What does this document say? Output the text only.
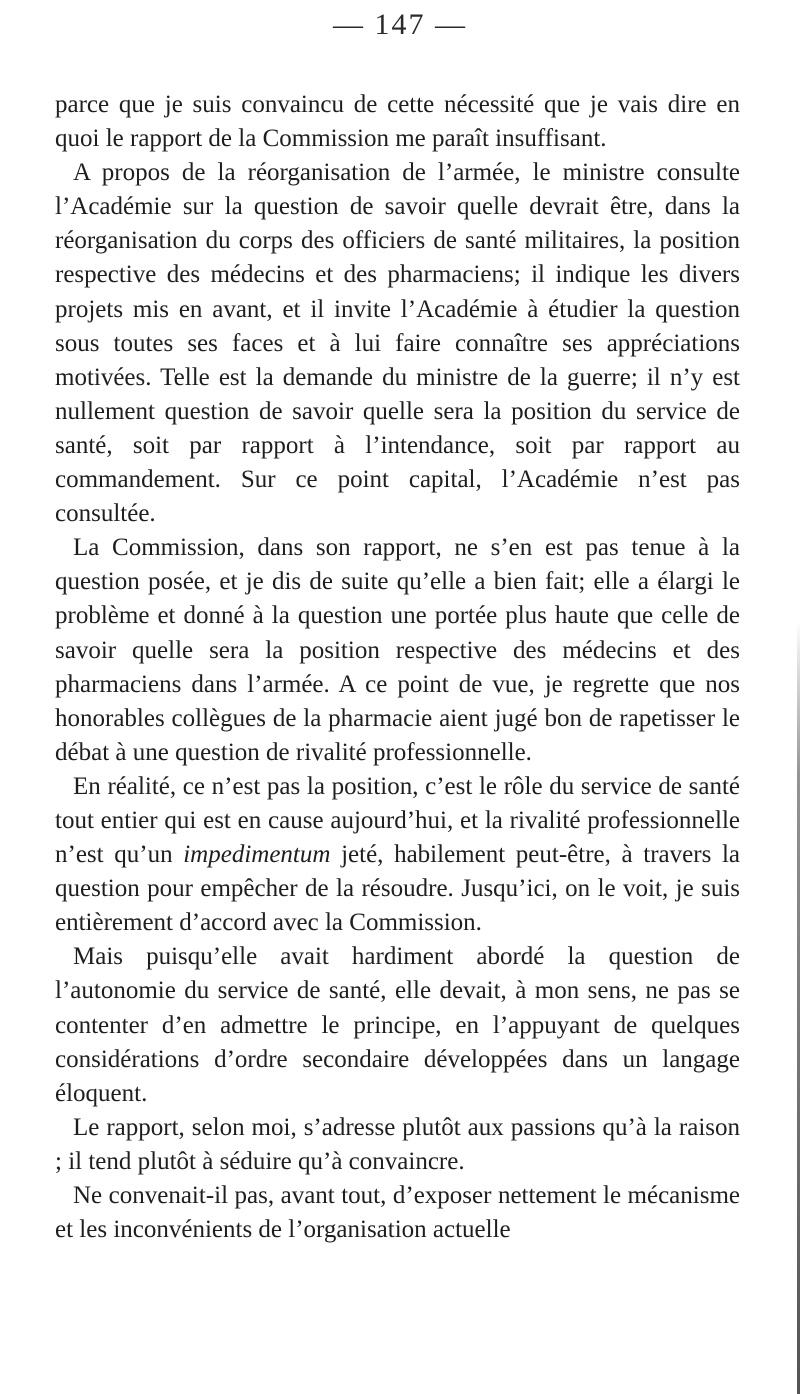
— 147 —

parce que je suis convaincu de cette nécessité que je vais dire en quoi le rapport de la Commission me paraît insuffisant.

A propos de la réorganisation de l’armée, le ministre consulte l’Académie sur la question de savoir quelle devrait être, dans la réorganisation du corps des officiers de santé militaires, la position respective des médecins et des pharmaciens; il indique les divers projets mis en avant, et il invite l’Académie à étudier la question sous toutes ses faces et à lui faire connaître ses appréciations motivées. Telle est la demande du ministre de la guerre; il n’y est nullement question de savoir quelle sera la position du service de santé, soit par rapport à l’intendance, soit par rapport au commandement. Sur ce point capital, l’Académie n’est pas consultée.

La Commission, dans son rapport, ne s’en est pas tenue à la question posée, et je dis de suite qu’elle a bien fait; elle a élargi le problème et donné à la question une portée plus haute que celle de savoir quelle sera la position respective des médecins et des pharmaciens dans l’armée. A ce point de vue, je regrette que nos honorables collègues de la pharmacie aient jugé bon de rapetisser le débat à une question de rivalité professionnelle.

En réalité, ce n’est pas la position, c’est le rôle du service de santé tout entier qui est en cause aujourd’hui, et la rivalité professionnelle n’est qu’un impedimentum jeté, habilement peut-être, à travers la question pour empêcher de la résoudre. Jusqu’ici, on le voit, je suis entièrement d’accord avec la Commission.

Mais puisqu’elle avait hardiment abordé la question de l’autonomie du service de santé, elle devait, à mon sens, ne pas se contenter d’en admettre le principe, en l’appuyant de quelques considérations d’ordre secondaire développées dans un langage éloquent.

Le rapport, selon moi, s’adresse plutôt aux passions qu’à la raison ; il tend plutôt à séduire qu’à convaincre.

Ne convenait-il pas, avant tout, d’exposer nettement le mécanisme et les inconvénients de l’organisation actuelle
